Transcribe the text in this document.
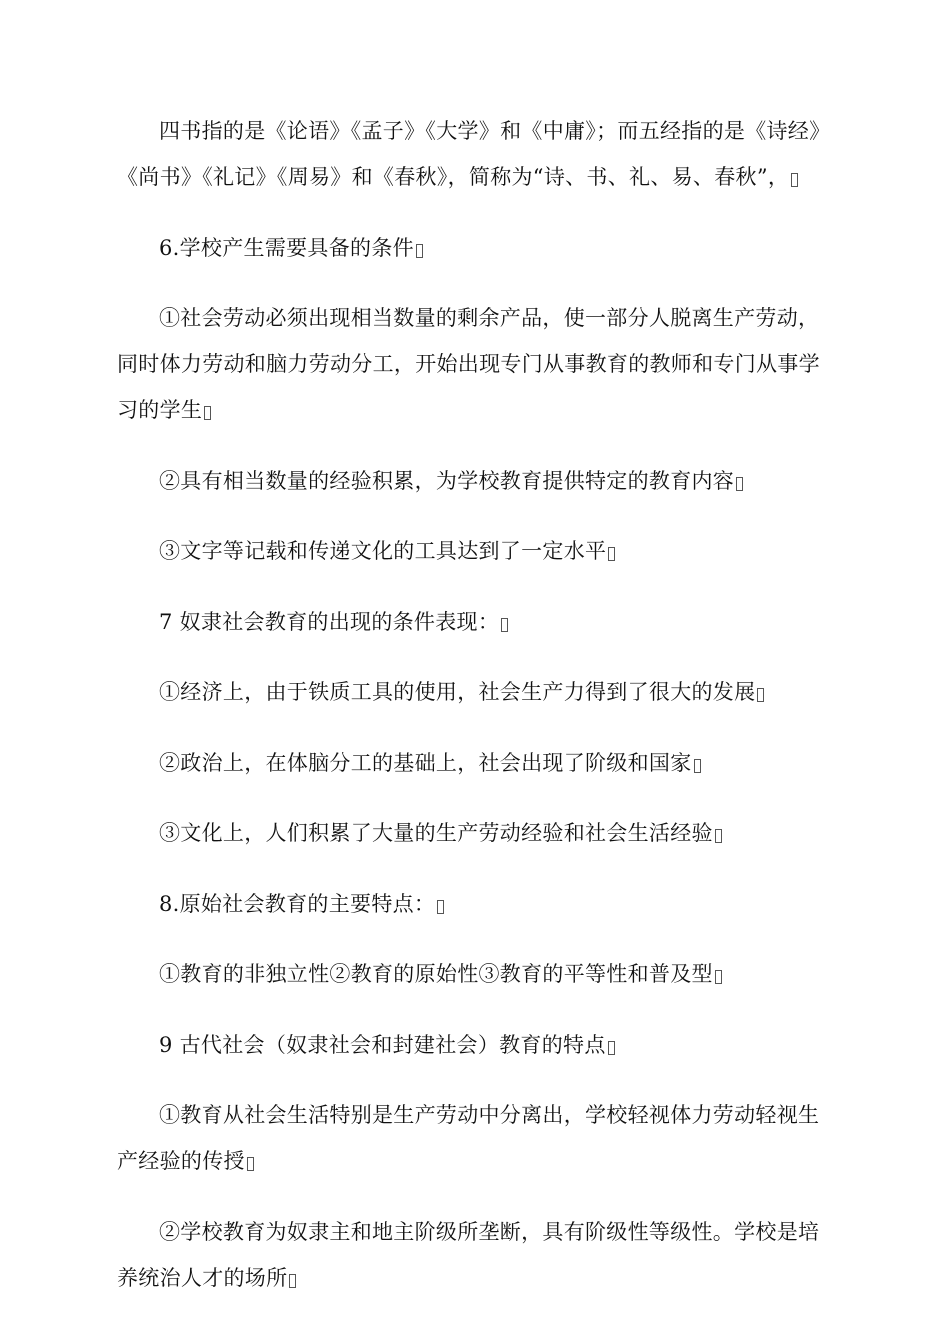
四书指的是《论语》《孟子》《大学》和《中庸》；而五经指的是《诗经》《尚书》《礼记》《周易》和《春秋》，简称为“诗、书、礼、易、春秋”，

6.学校产生需要具备的条件

①社会劳动必须出现相当数量的剩余产品，使一部分人脱离生产劳动，同时体力劳动和脑力劳动分工，开始出现专门从事教育的教师和专门从事学习的学生

②具有相当数量的经验积累，为学校教育提供特定的教育内容

③文字等记载和传递文化的工具达到了一定水平

7 奴隶社会教育的出现的条件表现：

①经济上，由于铁质工具的使用，社会生产力得到了很大的发展

②政治上，在体脑分工的基础上，社会出现了阶级和国家

③文化上，人们积累了大量的生产劳动经验和社会生活经验

8.原始社会教育的主要特点：

①教育的非独立性②教育的原始性③教育的平等性和普及型

9 古代社会（奴隶社会和封建社会）教育的特点

①教育从社会生活特别是生产劳动中分离出，学校轻视体力劳动轻视生产经验的传授

②学校教育为奴隶主和地主阶级所垄断，具有阶级性等级性。学校是培养统治人才的场所
